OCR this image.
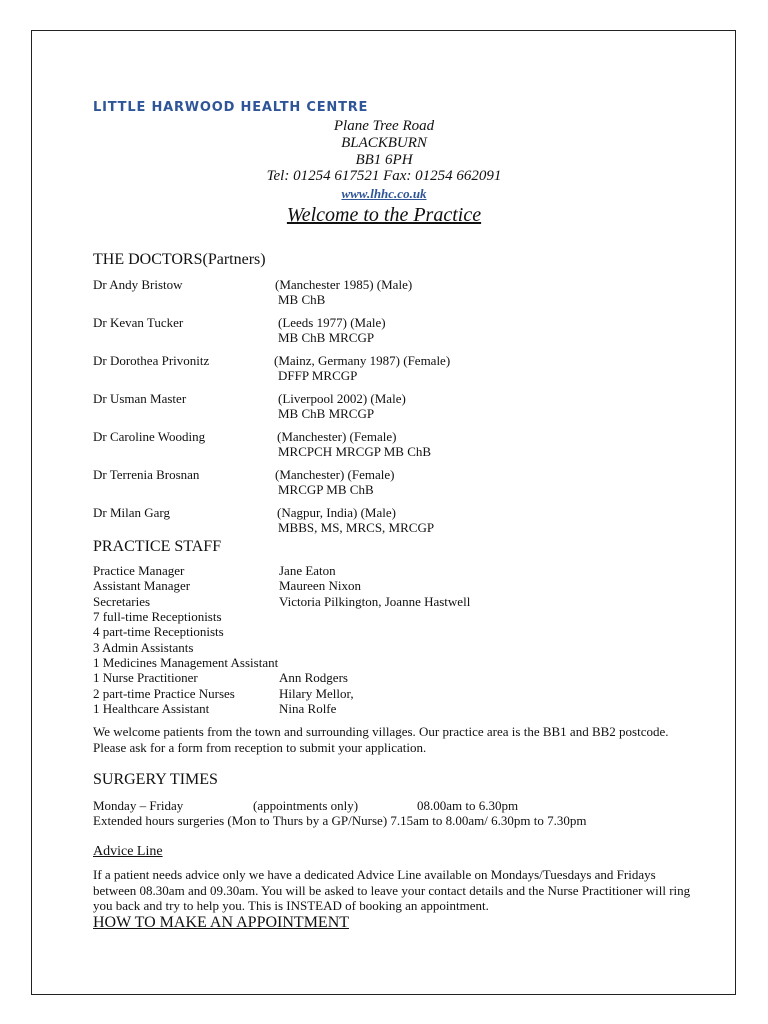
LITTLE HARWOOD HEALTH CENTRE
Plane Tree Road
BLACKBURN
BB1 6PH
Tel: 01254 617521 Fax: 01254 662091
www.lhhc.co.uk
Welcome to the Practice
THE DOCTORS(Partners)
Dr Andy Bristow	(Manchester 1985) (Male)
MB ChB
Dr Kevan Tucker	(Leeds 1977) (Male)
MB ChB MRCGP
Dr Dorothea Privonitz	(Mainz, Germany 1987) (Female)
DFFP MRCGP
Dr Usman Master	(Liverpool 2002) (Male)
MB ChB MRCGP
Dr Caroline Wooding	(Manchester) (Female)
MRCPCH MRCGP MB ChB
Dr Terrenia Brosnan	(Manchester) (Female)
MRCGP MB ChB
Dr Milan Garg	(Nagpur, India) (Male)
MBBS, MS, MRCS, MRCGP
PRACTICE STAFF
Practice Manager	Jane Eaton
Assistant Manager	Maureen Nixon
Secretaries	Victoria Pilkington, Joanne Hastwell
7 full-time Receptionists
4 part-time Receptionists
3 Admin Assistants
1 Medicines Management Assistant
1 Nurse Practitioner	Ann Rodgers
2 part-time Practice Nurses	Hilary Mellor,
1 Healthcare Assistant	Nina Rolfe
We welcome patients from the town and surrounding villages. Our practice area is the BB1 and BB2 postcode. Please ask for a form from reception to submit your application.
SURGERY TIMES
Monday – Friday	(appointments only)	08.00am to 6.30pm
Extended hours surgeries (Mon to Thurs by a GP/Nurse) 7.15am to 8.00am/ 6.30pm to 7.30pm
Advice Line
If a patient needs advice only we have a dedicated Advice Line available on Mondays/Tuesdays and Fridays between 08.30am and 09.30am. You will be asked to leave your contact details and the Nurse Practitioner will ring you back and try to help you. This is INSTEAD of booking an appointment.
HOW TO MAKE AN APPOINTMENT
